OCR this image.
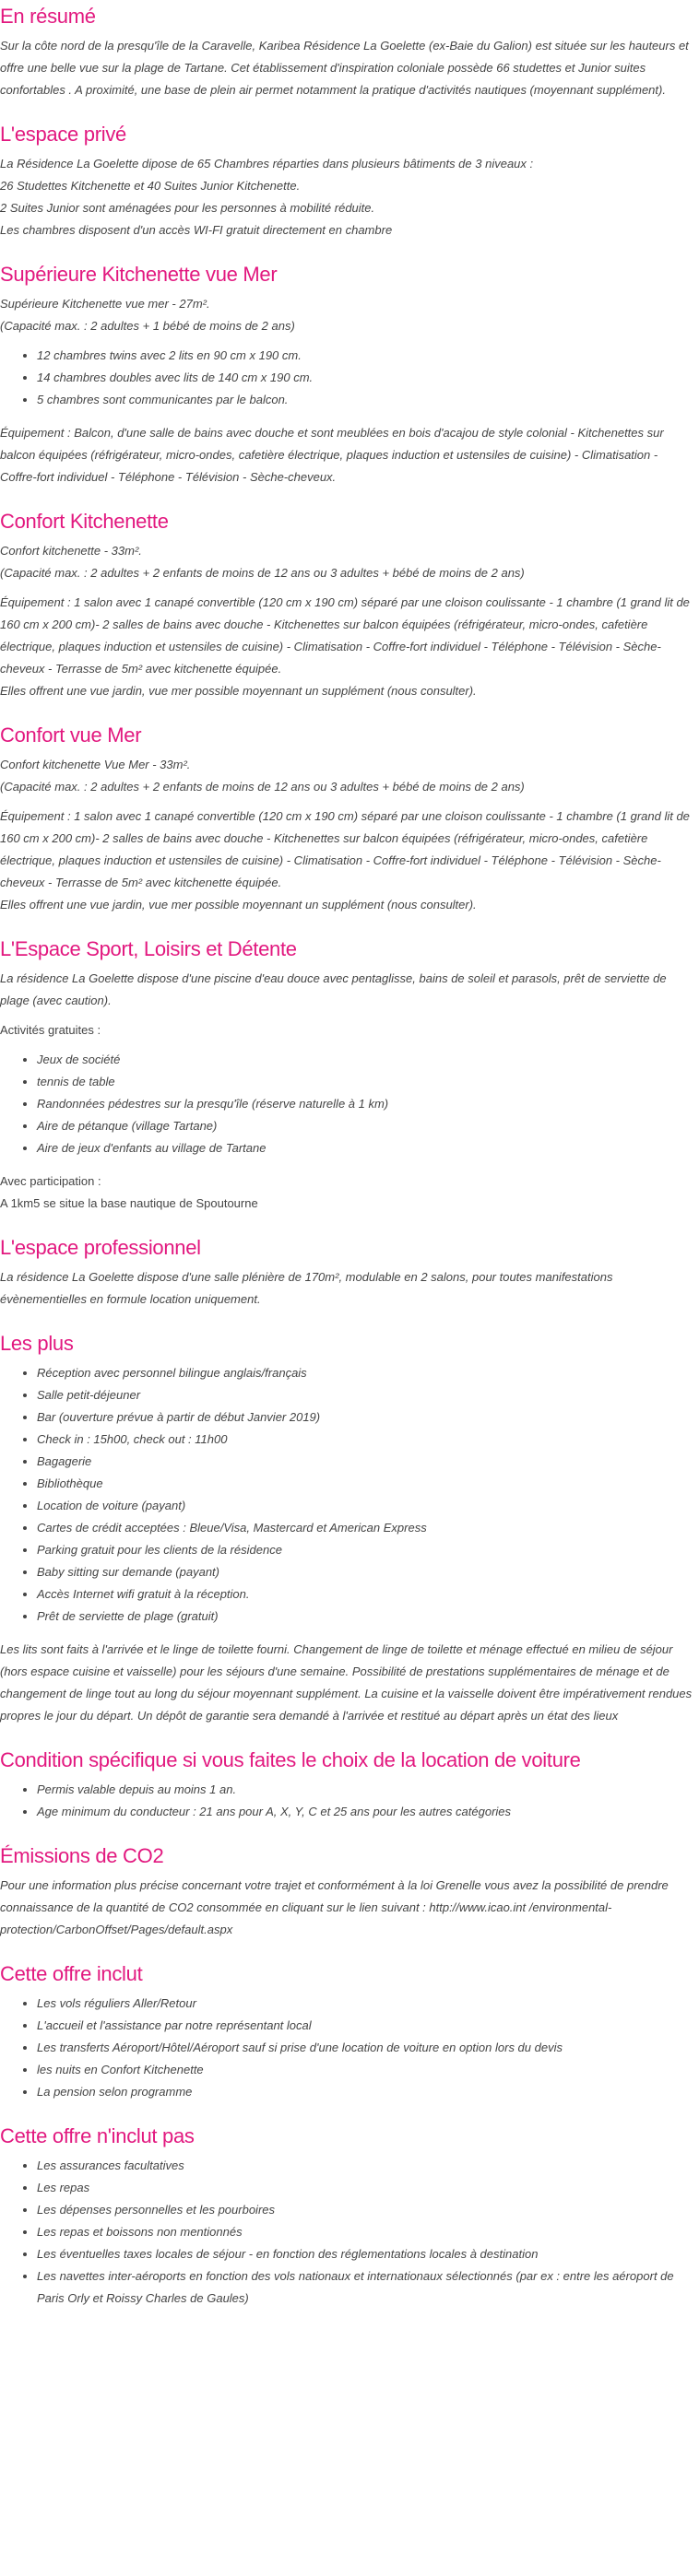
En résumé

Sur la côte nord de la presqu'île de la Caravelle, Karibea Résidence La Goelette (ex-Baie du Galion) est située sur les hauteurs et offre une belle vue sur la plage de Tartane. Cet établissement d'inspiration coloniale possède 66 studettes et Junior suites confortables . A proximité, une base de plein air permet notamment la pratique d'activités nautiques (moyennant supplément).

L'espace privé

La Résidence La Goelette dipose de 65 Chambres réparties dans plusieurs bâtiments de 3 niveaux :
26 Studettes Kitchenette et 40 Suites Junior Kitchenette.
2 Suites Junior sont aménagées pour les personnes à mobilité réduite.
Les chambres disposent d'un accès WI-FI gratuit directement en chambre

Supérieure Kitchenette vue Mer

Supérieure Kitchenette vue mer - 27m².
(Capacité max. : 2 adultes + 1 bébé de moins de 2 ans)

• 12 chambres twins avec 2 lits en 90 cm x 190 cm.
• 14 chambres doubles avec lits de 140 cm x 190 cm.
• 5 chambres sont communicantes par le balcon.

Équipement : Balcon, d'une salle de bains avec douche et sont meublées en bois d'acajou de style colonial - Kitchenettes sur balcon équipées (réfrigérateur, micro-ondes, cafetière électrique, plaques induction et ustensiles de cuisine) - Climatisation - Coffre-fort individuel - Téléphone - Télévision - Sèche-cheveux.

Confort Kitchenette

Confort kitchenette - 33m².
(Capacité max. : 2 adultes + 2 enfants de moins de 12 ans ou 3 adultes + bébé de moins de 2 ans)

Équipement : 1 salon avec 1 canapé convertible (120 cm x 190 cm) séparé par une cloison coulissante - 1 chambre (1 grand lit de 160 cm x 200 cm)- 2 salles de bains avec douche - Kitchenettes sur balcon équipées (réfrigérateur, micro-ondes, cafetière électrique, plaques induction et ustensiles de cuisine) - Climatisation - Coffre-fort individuel - Téléphone - Télévision - Sèche-cheveux - Terrasse de 5m² avec kitchenette équipée.
Elles offrent une vue jardin, vue mer possible moyennant un supplément (nous consulter).

Confort vue Mer

Confort kitchenette Vue Mer - 33m².
(Capacité max. : 2 adultes + 2 enfants de moins de 12 ans ou 3 adultes + bébé de moins de 2 ans)

Équipement : 1 salon avec 1 canapé convertible (120 cm x 190 cm) séparé par une cloison coulissante - 1 chambre (1 grand lit de 160 cm x 200 cm)- 2 salles de bains avec douche - Kitchenettes sur balcon équipées (réfrigérateur, micro-ondes, cafetière électrique, plaques induction et ustensiles de cuisine) - Climatisation - Coffre-fort individuel - Téléphone - Télévision - Sèche-cheveux - Terrasse de 5m² avec kitchenette équipée.
Elles offrent une vue jardin, vue mer possible moyennant un supplément (nous consulter).

L'Espace Sport, Loisirs et Détente

La résidence La Goelette dispose d'une piscine d'eau douce avec pentaglisse, bains de soleil et parasols, prêt de serviette de plage (avec caution).

Activités gratuites :

• Jeux de société
• tennis de table
• Randonnées pédestres sur la presqu'île (réserve naturelle à 1 km)
• Aire de pétanque (village Tartane)
• Aire de jeux d'enfants au village de Tartane

Avec participation :
A 1km5 se situe la base nautique de Spoutourne

L'espace professionnel

La résidence La Goelette dispose d'une salle plénière de 170m², modulable en 2 salons, pour toutes manifestations évènementielles en formule location uniquement.

Les plus
• Réception avec personnel bilingue anglais/français
• Salle petit-déjeuner
• Bar (ouverture prévue à partir de début Janvier 2019)
• Check in : 15h00, check out : 11h00
• Bagagerie
• Bibliothèque
• Location de voiture (payant)
• Cartes de crédit acceptées : Bleue/Visa, Mastercard et American Express
• Parking gratuit pour les clients de la résidence
• Baby sitting sur demande (payant)
• Accès Internet wifi gratuit à la réception.
• Prêt de serviette de plage (gratuit)

Les lits sont faits à l'arrivée et le linge de toilette fourni. Changement de linge de toilette et ménage effectué en milieu de séjour (hors espace cuisine et vaisselle) pour les séjours d'une semaine. Possibilité de prestations supplémentaires de ménage et de changement de linge tout au long du séjour moyennant supplément. La cuisine et la vaisselle doivent être impérativement rendues propres le jour du départ. Un dépôt de garantie sera demandé à l'arrivée et restitué au départ après un état des lieux

Condition spécifique si vous faites le choix de la location de voiture
• Permis valable depuis au moins 1 an.
• Age minimum du conducteur : 21 ans pour A, X, Y, C et 25 ans pour les autres catégories
Émissions de CO2

Pour une information plus précise concernant votre trajet et conformément à la loi Grenelle vous avez la possibilité de prendre connaissance de la quantité de CO2 consommée en cliquant sur le lien suivant : http://www.icao.int /environmental-protection/CarbonOffset/Pages/default.aspx

Cette offre inclut
• Les vols réguliers Aller/Retour
• L'accueil et l'assistance par notre représentant local
• Les transferts Aéroport/Hôtel/Aéroport sauf si prise d'une location de voiture en option lors du devis
• les nuits en Confort Kitchenette
• La pension selon programme
Cette offre n'inclut pas
• Les assurances facultatives
• Les repas
• Les dépenses personnelles et les pourboires
• Les repas et boissons non mentionnés
• Les éventuelles taxes locales de séjour - en fonction des réglementations locales à destination
• Les navettes inter-aéroports en fonction des vols nationaux et internationaux sélectionnés (par ex : entre les aéroport de Paris Orly et Roissy Charles de Gaules)
